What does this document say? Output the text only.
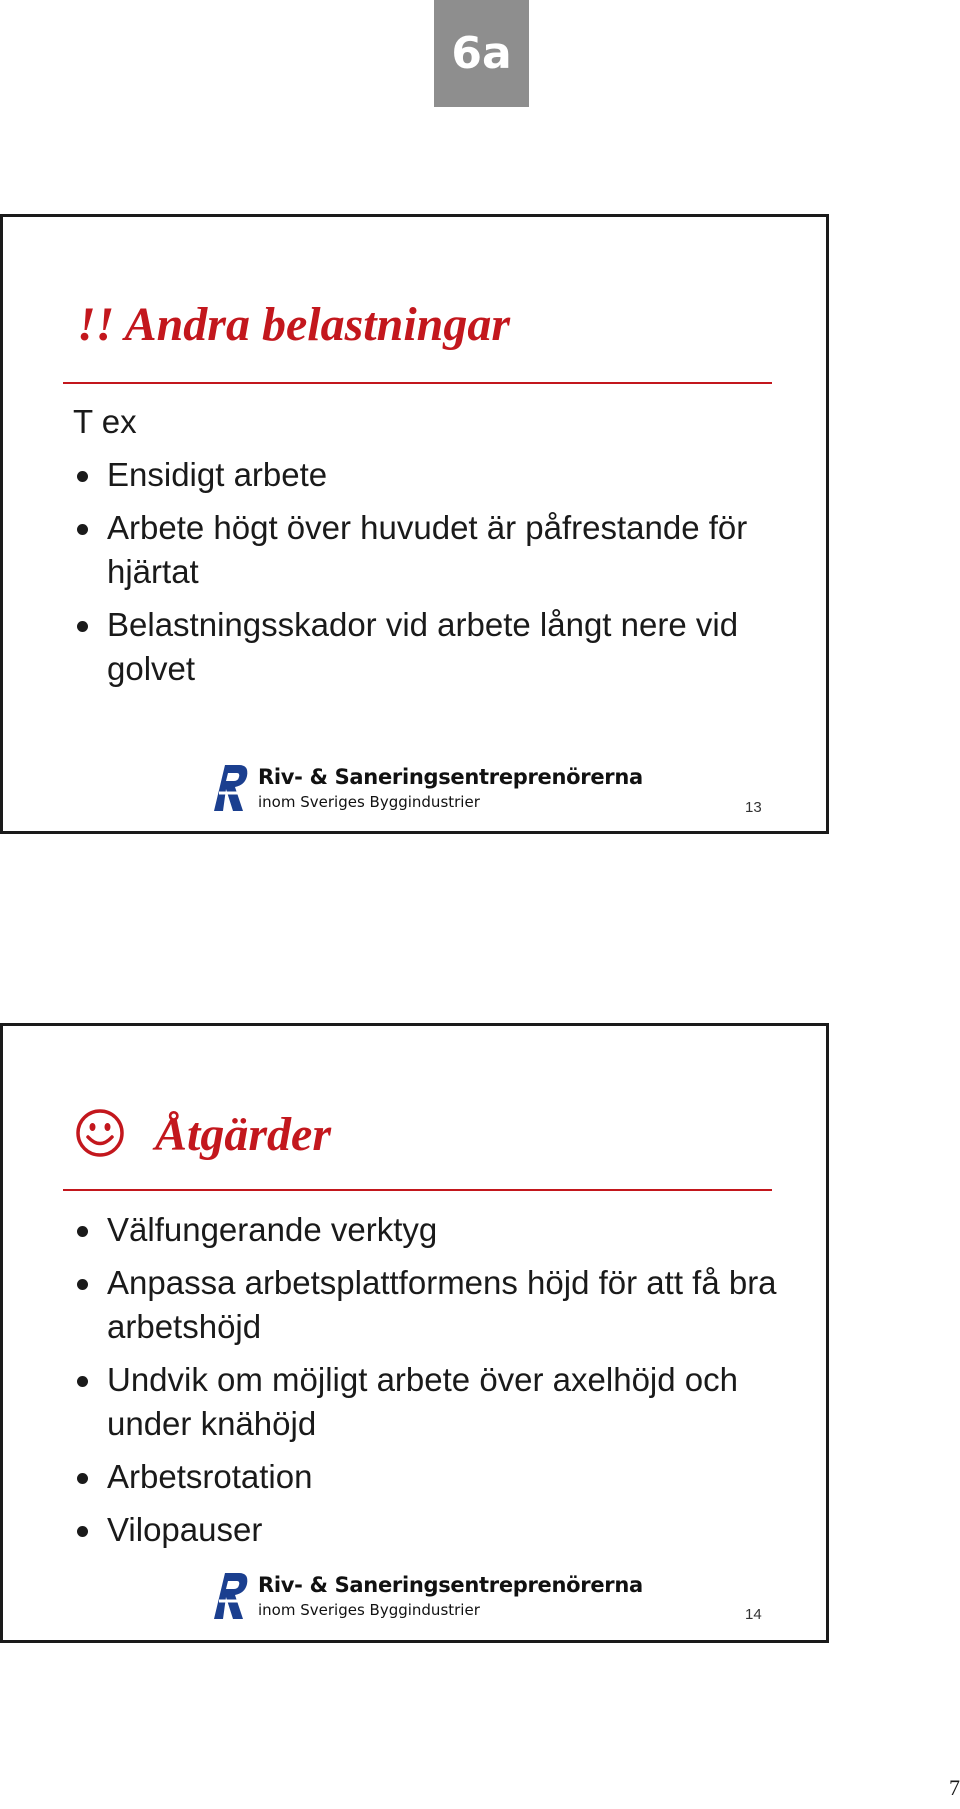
6a
!! Andra belastningar
T ex
Ensidigt arbete
Arbete högt över huvudet är påfrestande för hjärtat
Belastningsskador vid arbete långt nere vid golvet
Riv- & Saneringsentreprenörerna
inom Sveriges Byggindustrier	13
Åtgärder
Välfungerande verktyg
Anpassa arbetsplattformens höjd för att få bra arbetshöjd
Undvik om möjligt arbete över axelhöjd och under knähöjd
Arbetsrotation
Vilopauser
Riv- & Saneringsentreprenörerna
inom Sveriges Byggindustrier	14
7
